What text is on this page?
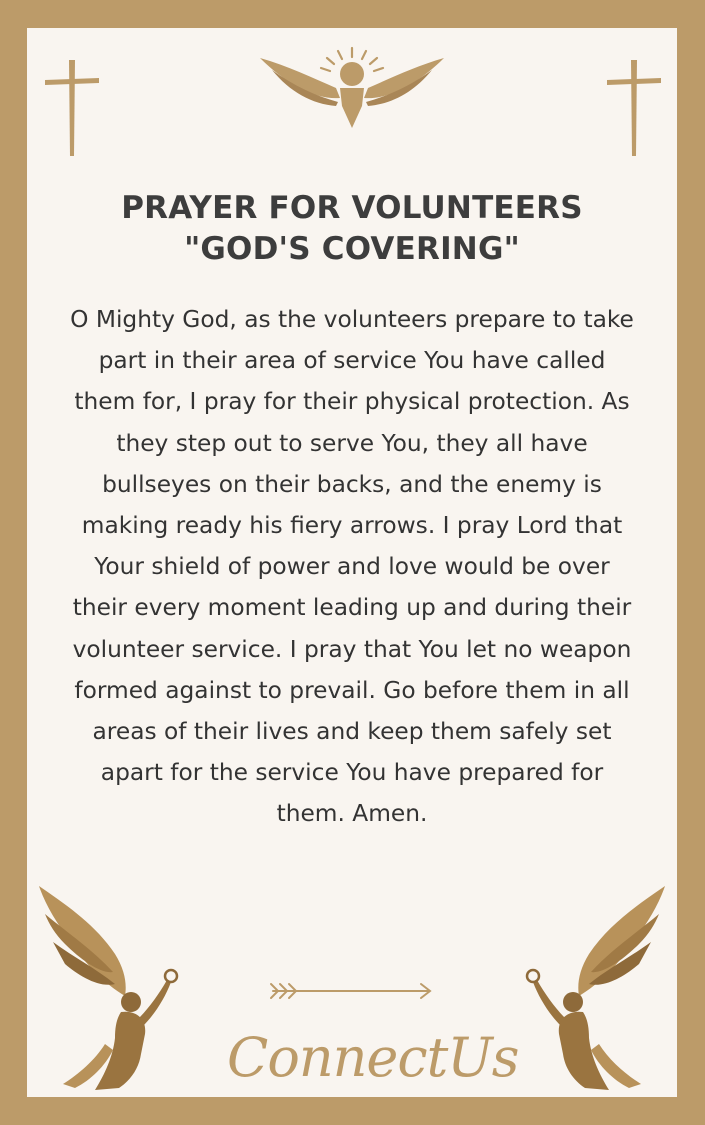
PRAYER FOR VOLUNTEERS
"GOD'S COVERING"

O Mighty God, as the volunteers prepare to take part in their area of service You have called them for, I pray for their physical protection. As they step out to serve You, they all have bullseyes on their backs, and the enemy is making ready his fiery arrows. I pray Lord that Your shield of power and love would be over their every moment leading up and during their volunteer service. I pray that You let no weapon formed against to prevail. Go before them in all areas of their lives and keep them safely set apart for the service You have prepared for them. Amen.

ConnectUs
